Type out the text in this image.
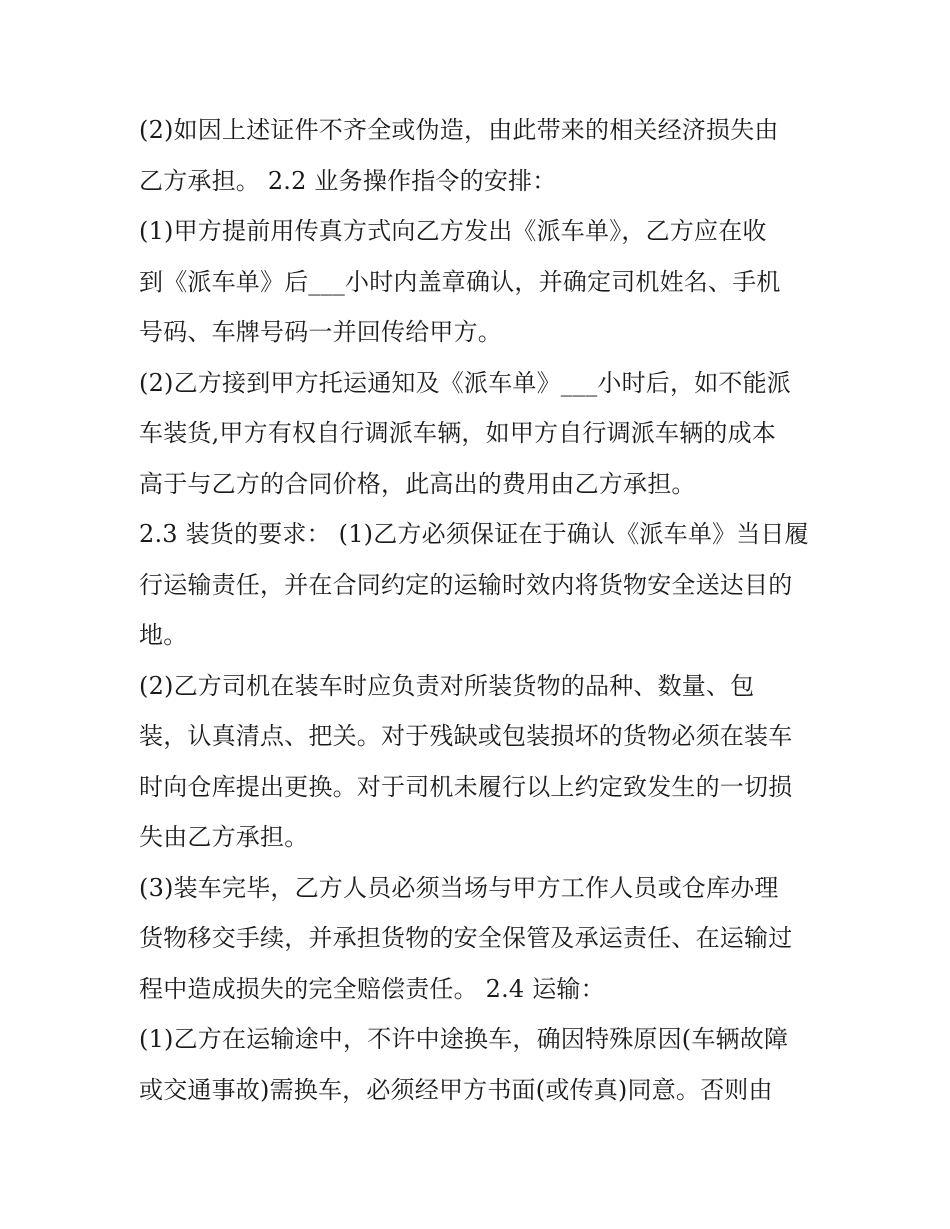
(2)如因上述证件不齐全或伪造，由此带来的相关经济损失由
乙方承担。 2.2 业务操作指令的安排：
(1)甲方提前用传真方式向乙方发出《派车单》，乙方应在收
到《派车单》后___小时内盖章确认，并确定司机姓名、手机
号码、车牌号码一并回传给甲方。
(2)乙方接到甲方托运通知及《派车单》___小时后，如不能派
车装货,甲方有权自行调派车辆，如甲方自行调派车辆的成本
高于与乙方的合同价格，此高出的费用由乙方承担。
2.3 装货的要求： (1)乙方必须保证在于确认《派车单》当日履
行运输责任，并在合同约定的运输时效内将货物安全送达目的
地。
(2)乙方司机在装车时应负责对所装货物的品种、数量、包
装，认真清点、把关。对于残缺或包装损坏的货物必须在装车
时向仓库提出更换。对于司机未履行以上约定致发生的一切损
失由乙方承担。
(3)装车完毕，乙方人员必须当场与甲方工作人员或仓库办理
货物移交手续，并承担货物的安全保管及承运责任、在运输过
程中造成损失的完全赔偿责任。 2.4 运输：
(1)乙方在运输途中，不许中途换车，确因特殊原因(车辆故障
或交通事故)需换车，必须经甲方书面(或传真)同意。否则由
